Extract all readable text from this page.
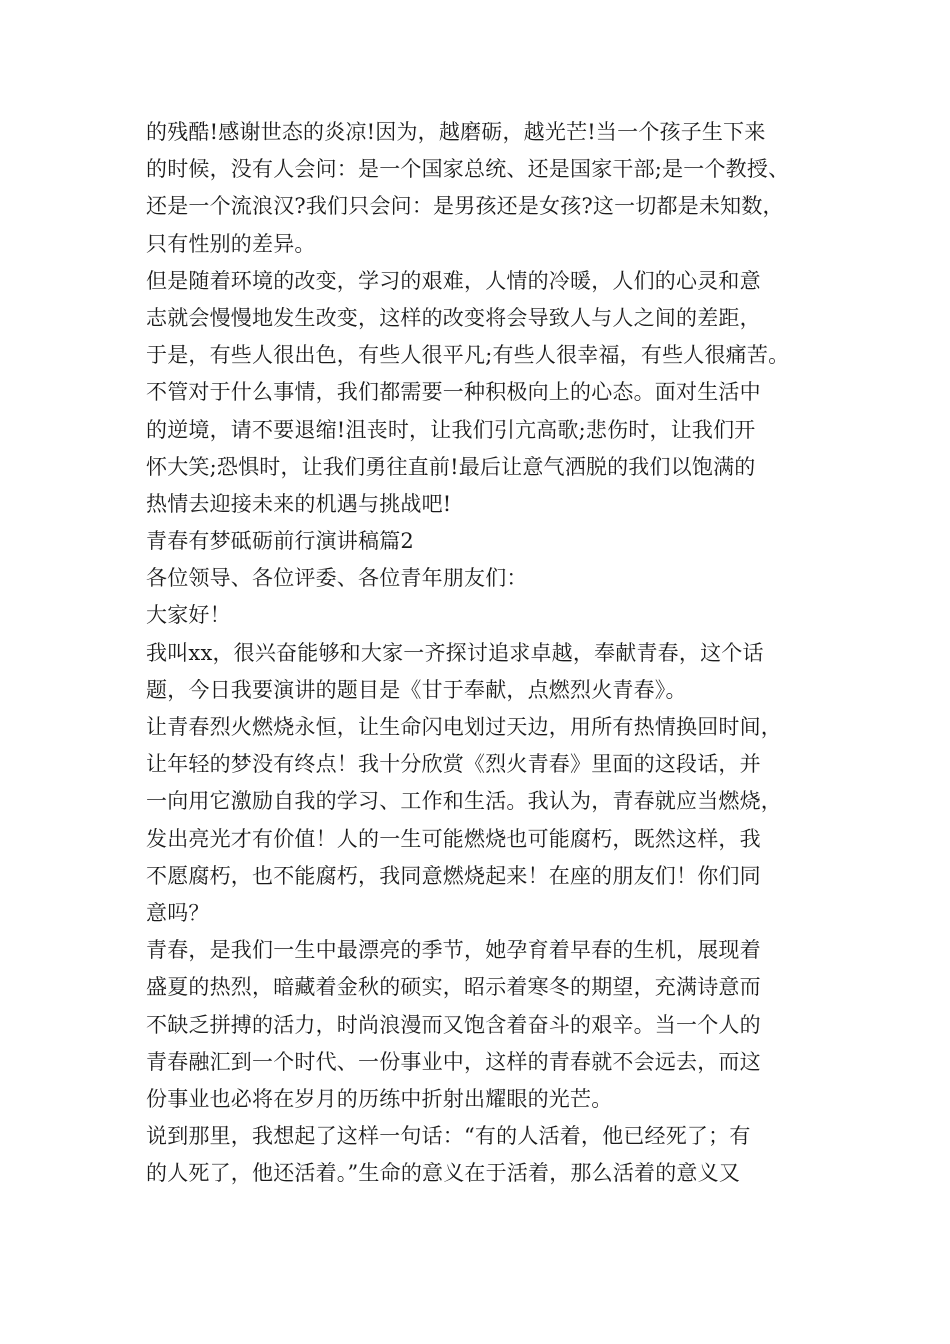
的残酷!感谢世态的炎凉!因为，越磨砺，越光芒!当一个孩子生下来
的时候，没有人会问：是一个国家总统、还是国家干部;是一个教授、
还是一个流浪汉?我们只会问：是男孩还是女孩?这一切都是未知数，
只有性别的差异。
但是随着环境的改变，学习的艰难，人情的冷暖，人们的心灵和意
志就会慢慢地发生改变，这样的改变将会导致人与人之间的差距，
于是，有些人很出色，有些人很平凡;有些人很幸福，有些人很痛苦。
不管对于什么事情，我们都需要一种积极向上的心态。面对生活中
的逆境，请不要退缩!沮丧时，让我们引亢高歌;悲伤时，让我们开
怀大笑;恐惧时，让我们勇往直前!最后让意气洒脱的我们以饱满的
热情去迎接未来的机遇与挑战吧!
青春有梦砥砺前行演讲稿篇2
各位领导、各位评委、各位青年朋友们：
大家好！
我叫xx，很兴奋能够和大家一齐探讨追求卓越，奉献青春，这个话
题，今日我要演讲的题目是《甘于奉献，点燃烈火青春》。
让青春烈火燃烧永恒，让生命闪电划过天边，用所有热情换回时间，
让年轻的梦没有终点！我十分欣赏《烈火青春》里面的这段话，并
一向用它激励自我的学习、工作和生活。我认为，青春就应当燃烧，
发出亮光才有价值！人的一生可能燃烧也可能腐朽，既然这样，我
不愿腐朽，也不能腐朽，我同意燃烧起来！在座的朋友们！你们同
意吗？
青春，是我们一生中最漂亮的季节，她孕育着早春的生机，展现着
盛夏的热烈，暗藏着金秋的硕实，昭示着寒冬的期望，充满诗意而
不缺乏拼搏的活力，时尚浪漫而又饱含着奋斗的艰辛。当一个人的
青春融汇到一个时代、一份事业中，这样的青春就不会远去，而这
份事业也必将在岁月的历练中折射出耀眼的光芒。
说到那里，我想起了这样一句话：“有的人活着，他已经死了；有
的人死了，他还活着。”生命的意义在于活着，那么活着的意义又
